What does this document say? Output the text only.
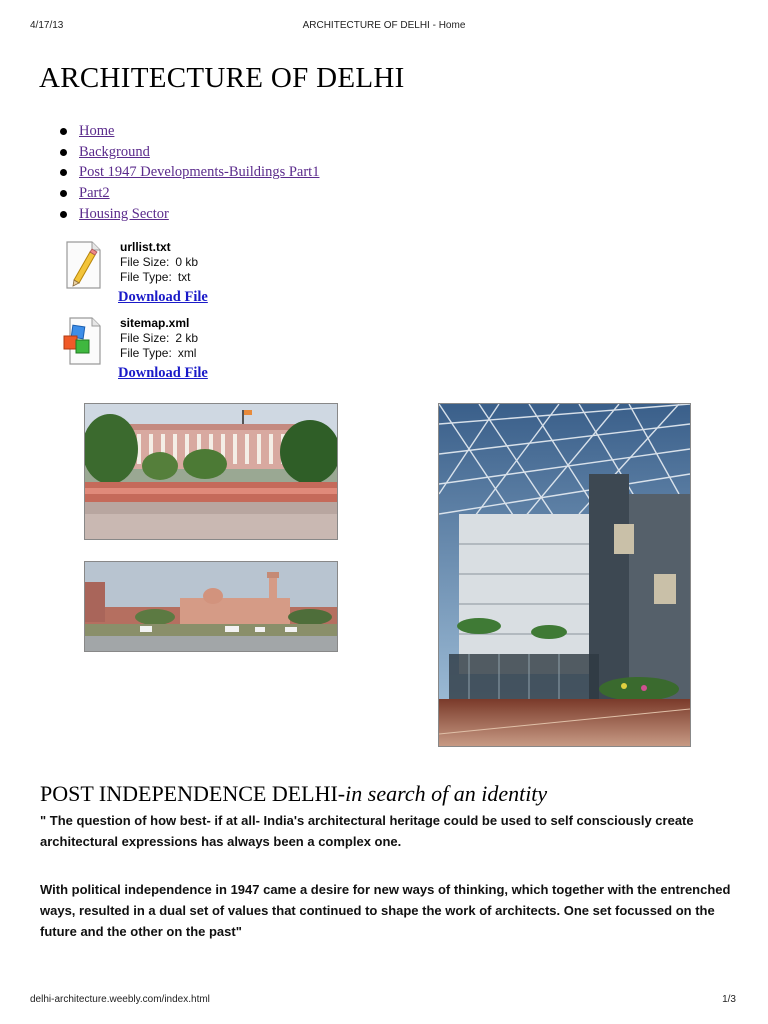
4/17/13	ARCHITECTURE OF DELHI - Home
ARCHITECTURE OF DELHI
Home
Background
Post 1947 Developments-Buildings Part1
Part2
Housing Sector
urllist.txt
File Size: 0 kb
File Type: txt
Download File
sitemap.xml
File Size: 2 kb
File Type: xml
Download File
POST INDEPENDENCE DELHI-in search of an identity

" The question of how best- if at all- India's architectural heritage could be used to self consciously create architectural expressions has always been a complex one.

With political independence in 1947 came a desire for new ways of thinking, which together with the entrenched ways, resulted in a dual set of values that continued to shape the work of architects. One set focussed on the future and the other on the past"

delhi-architecture.weebly.com/index.html	1/3
